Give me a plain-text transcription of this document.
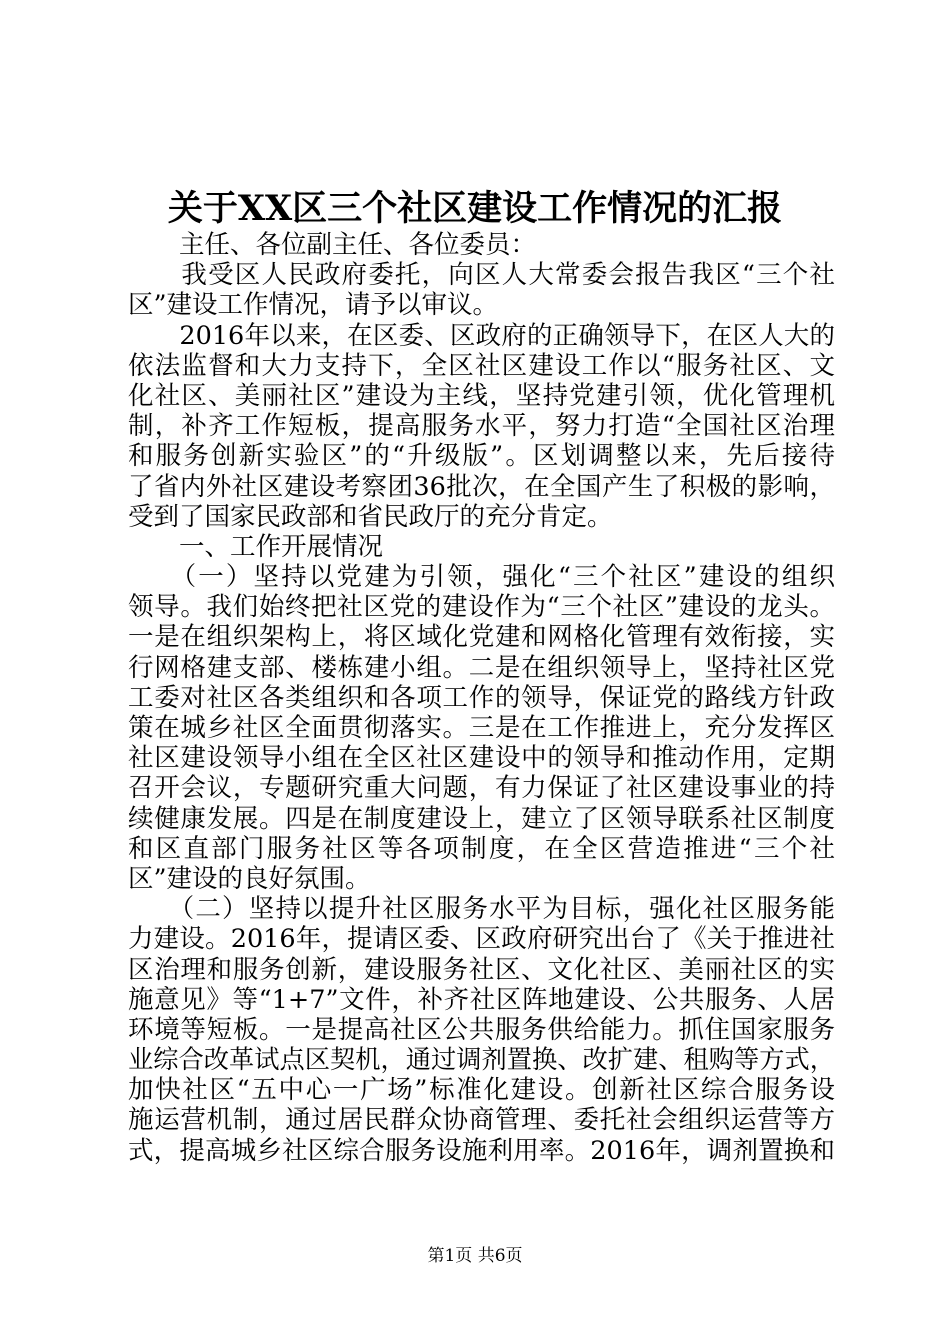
关于XX区三个社区建设工作情况的汇报
　　主任、各位副主任、各位委员：
　　我受区人民政府委托，向区人大常委会报告我区“三个社
区”建设工作情况，请予以审议。
　　2016年以来，在区委、区政府的正确领导下，在区人大的
依法监督和大力支持下，全区社区建设工作以“服务社区、文
化社区、美丽社区”建设为主线，坚持党建引领，优化管理机
制，补齐工作短板，提高服务水平，努力打造“全国社区治理
和服务创新实验区”的“升级版”。区划调整以来，先后接待
了省内外社区建设考察团36批次，在全国产生了积极的影响，
受到了国家民政部和省民政厅的充分肯定。
　　一、工作开展情况
　　（一）坚持以党建为引领，强化“三个社区”建设的组织
领导。我们始终把社区党的建设作为“三个社区”建设的龙头。
一是在组织架构上，将区域化党建和网格化管理有效衔接，实
行网格建支部、楼栋建小组。二是在组织领导上，坚持社区党
工委对社区各类组织和各项工作的领导，保证党的路线方针政
策在城乡社区全面贯彻落实。三是在工作推进上，充分发挥区
社区建设领导小组在全区社区建设中的领导和推动作用，定期
召开会议，专题研究重大问题，有力保证了社区建设事业的持
续健康发展。四是在制度建设上，建立了区领导联系社区制度
和区直部门服务社区等各项制度，在全区营造推进“三个社
区”建设的良好氛围。
　　（二）坚持以提升社区服务水平为目标，强化社区服务能
力建设。2016年，提请区委、区政府研究出台了《关于推进社
区治理和服务创新，建设服务社区、文化社区、美丽社区的实
施意见》等“1+7”文件，补齐社区阵地建设、公共服务、人居
环境等短板。一是提高社区公共服务供给能力。抓住国家服务
业综合改革试点区契机，通过调剂置换、改扩建、租购等方式，
加快社区“五中心一广场”标准化建设。创新社区综合服务设
施运营机制，通过居民群众协商管理、委托社会组织运营等方
式，提高城乡社区综合服务设施利用率。2016年，调剂置换和
第1页 共6页
